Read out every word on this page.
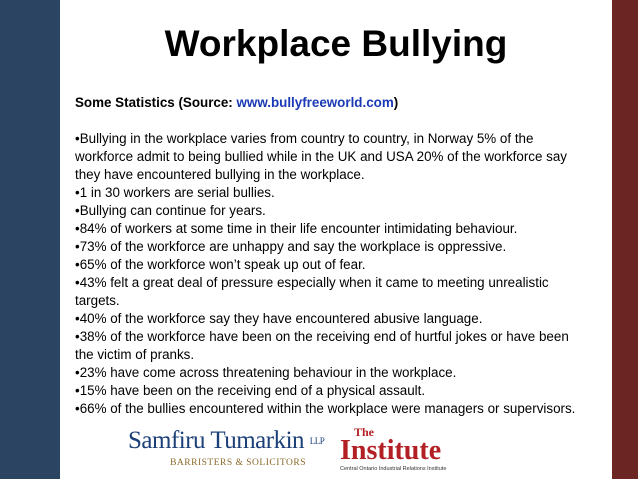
Workplace Bullying

Some Statistics (Source: www.bullyfreeworld.com)

•Bullying in the workplace varies from country to country, in Norway 5% of the workforce admit to being bullied while in the UK and USA 20% of the workforce say they have encountered bullying in the workplace.
•1 in 30 workers are serial bullies.
•Bullying can continue for years.
•84% of workers at some time in their life encounter intimidating behaviour.
•73% of the workforce are unhappy and say the workplace is oppressive.
•65% of the workforce won’t speak up out of fear.
•43% felt a great deal of pressure especially when it came to meeting unrealistic targets.
•40% of the workforce say they have encountered abusive language.
•38% of the workforce have been on the receiving end of hurtful jokes or have been the victim of pranks.
•23% have come across threatening behaviour in the workplace.
•15% have been on the receiving end of a physical assault.
•66% of the bullies encountered within the workplace were managers or supervisors.
Samfiru Tumarkin $^{LLP}$
BARRISTERS & SOLICITORS
The
Institute
Central Ontario Industrial Relations Institute
